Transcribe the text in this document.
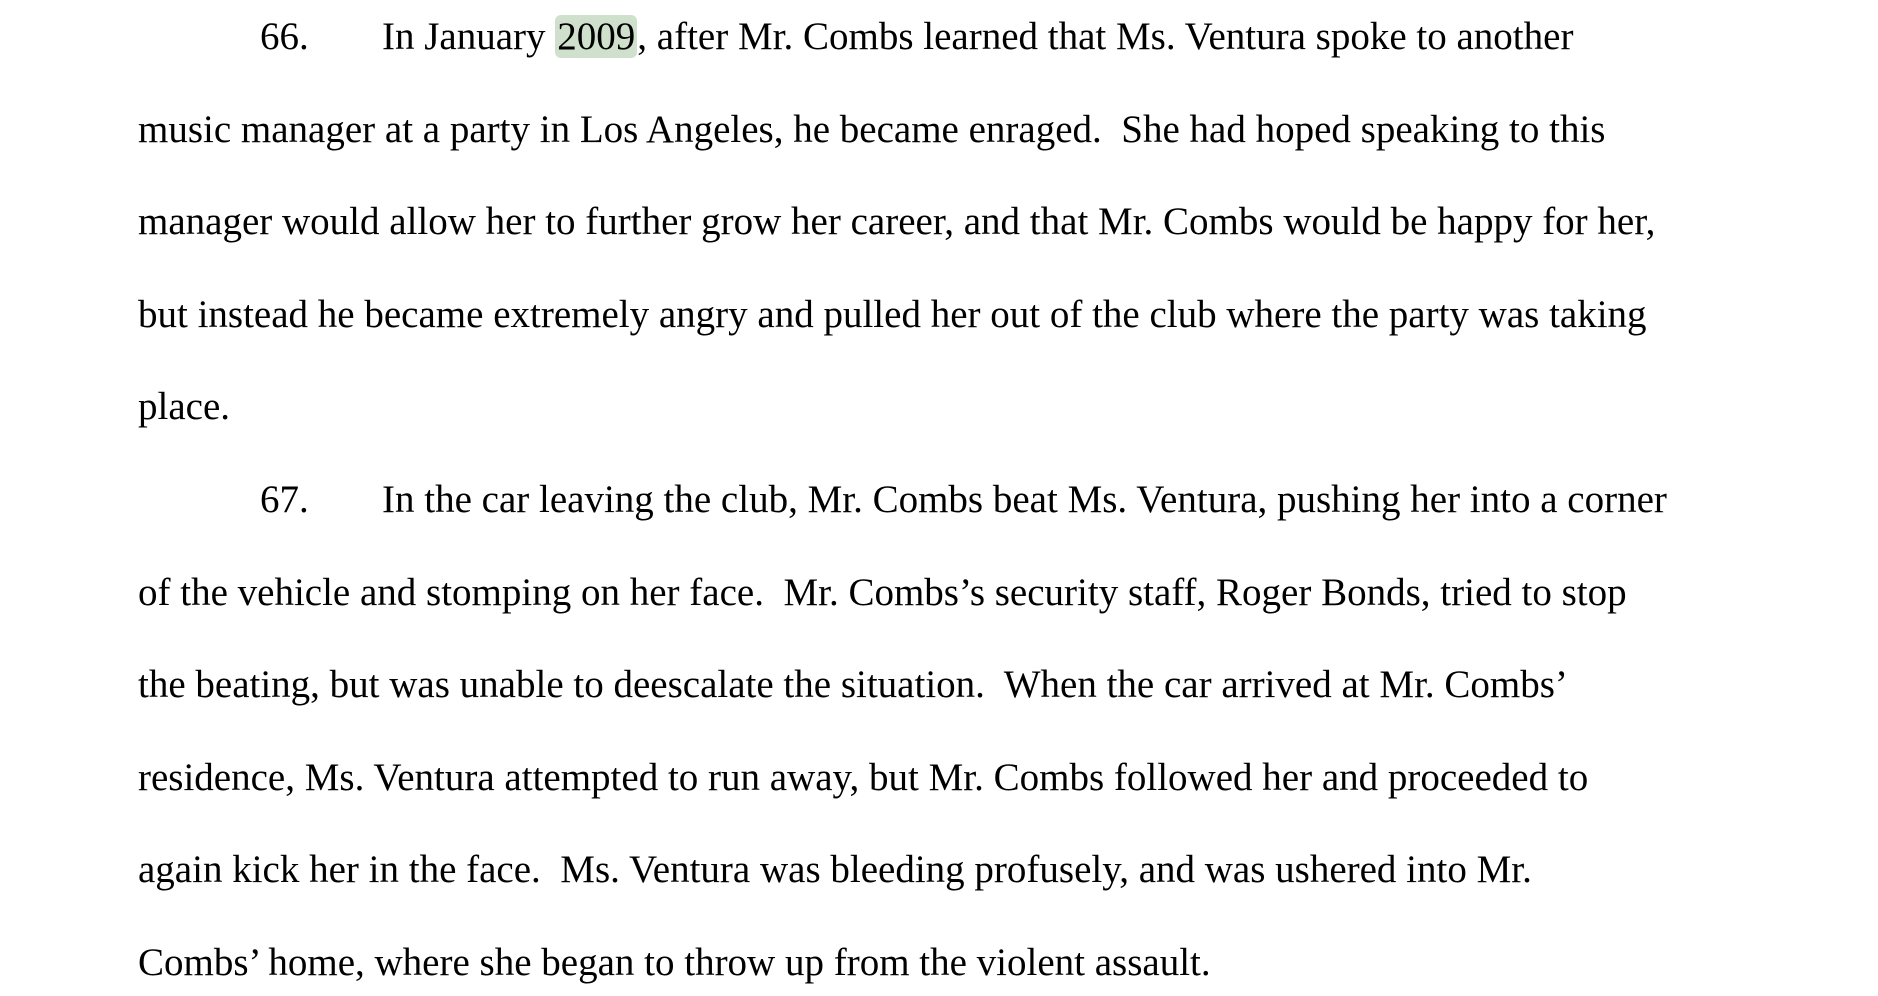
66. In January 2009, after Mr. Combs learned that Ms. Ventura spoke to another
music manager at a party in Los Angeles, he became enraged.  She had hoped speaking to this
manager would allow her to further grow her career, and that Mr. Combs would be happy for her,
but instead he became extremely angry and pulled her out of the club where the party was taking
place.
67. In the car leaving the club, Mr. Combs beat Ms. Ventura, pushing her into a corner
of the vehicle and stomping on her face.  Mr. Combs’s security staff, Roger Bonds, tried to stop
the beating, but was unable to deescalate the situation.  When the car arrived at Mr. Combs’
residence, Ms. Ventura attempted to run away, but Mr. Combs followed her and proceeded to
again kick her in the face.  Ms. Ventura was bleeding profusely, and was ushered into Mr.
Combs’ home, where she began to throw up from the violent assault.
